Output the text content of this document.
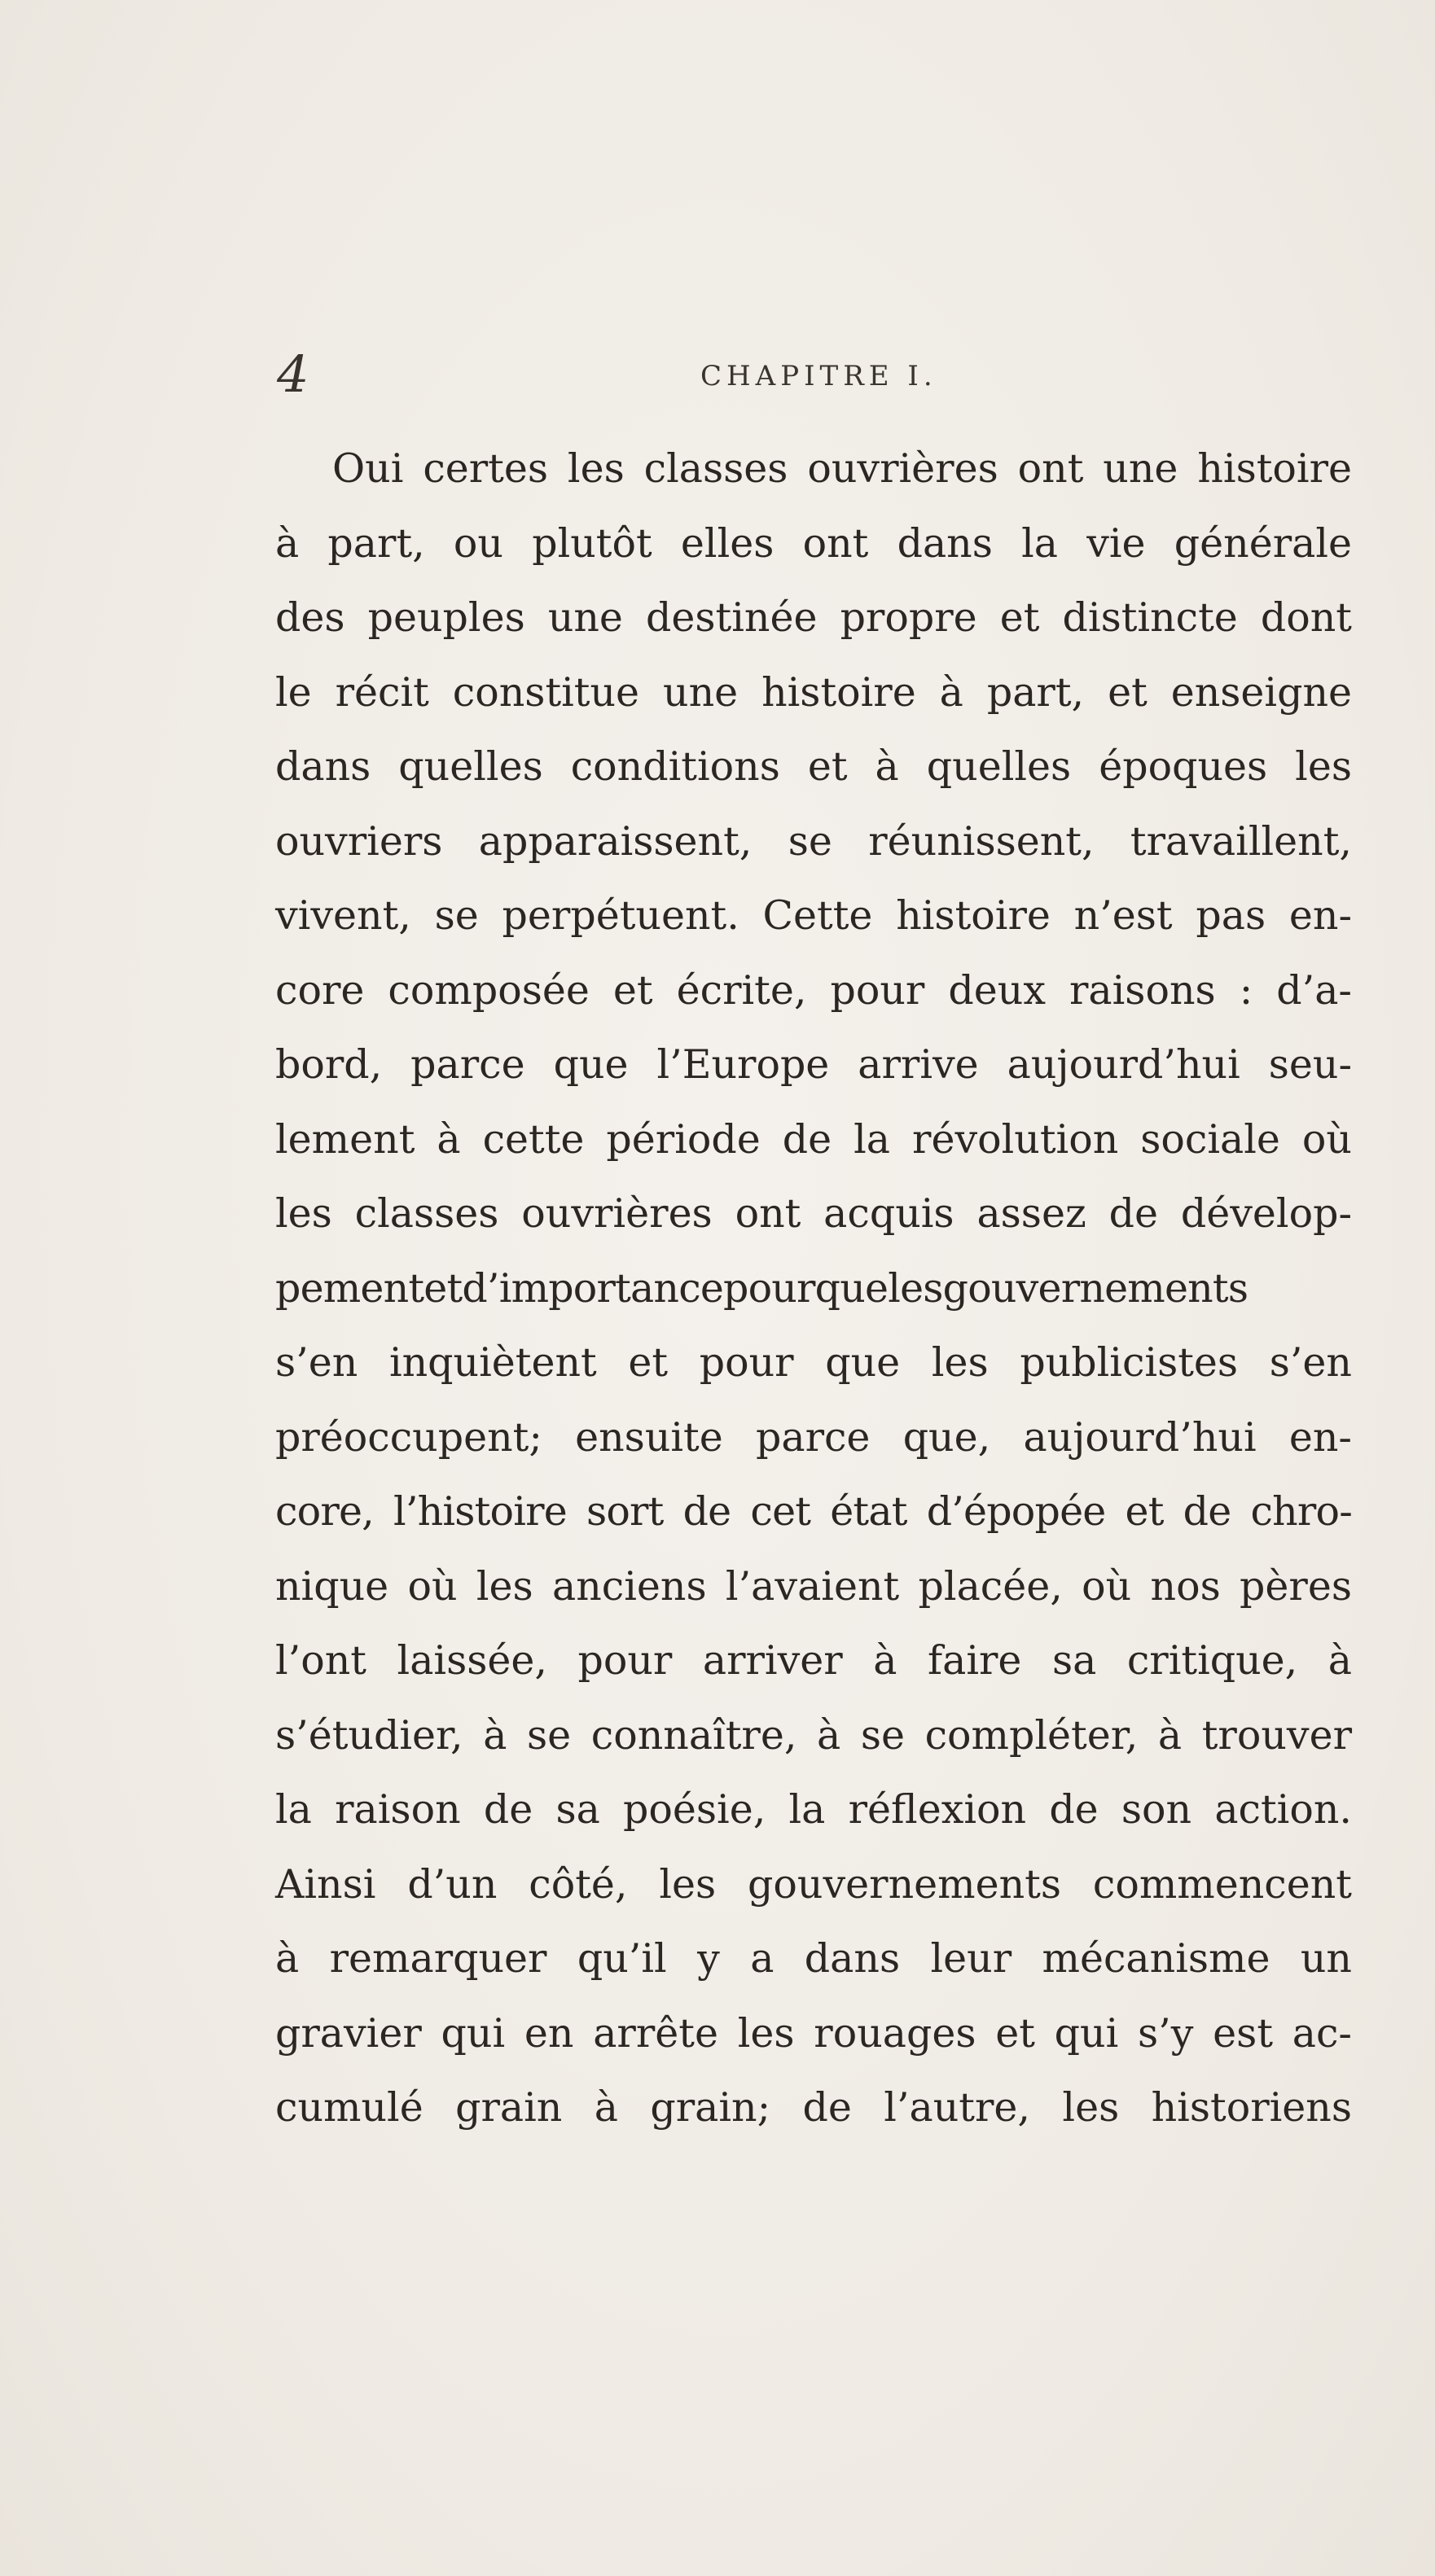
4	CHAPITRE I.
Oui certes les classes ouvrières ont une histoire
à part, ou plutôt elles ont dans la vie générale
des peuples une destinée propre et distincte dont
le récit constitue une histoire à part, et enseigne
dans quelles conditions et à quelles époques les
ouvriers apparaissent, se réunissent, travaillent,
vivent, se perpétuent. Cette histoire n’est pas en-
core composée et écrite, pour deux raisons : d’a-
bord, parce que l’Europe arrive aujourd’hui seu-
lement à cette période de la révolution sociale où
les classes ouvrières ont acquis assez de dévelop-
pementetd’importancepourquelesgouvernements
s’en inquiètent et pour que les publicistes s’en
préoccupent; ensuite parce que, aujourd’hui en-
core, l’histoire sort de cet état d’épopée et de chro-
nique où les anciens l’avaient placée, où nos pères
l’ont laissée, pour arriver à faire sa critique, à
s’étudier, à se connaître, à se compléter, à trouver
la raison de sa poésie, la réflexion de son action.
Ainsi d’un côté, les gouvernements commencent
à remarquer qu’il y a dans leur mécanisme un
gravier qui en arrête les rouages et qui s’y est ac-
cumulé grain à grain; de l’autre, les historiens
